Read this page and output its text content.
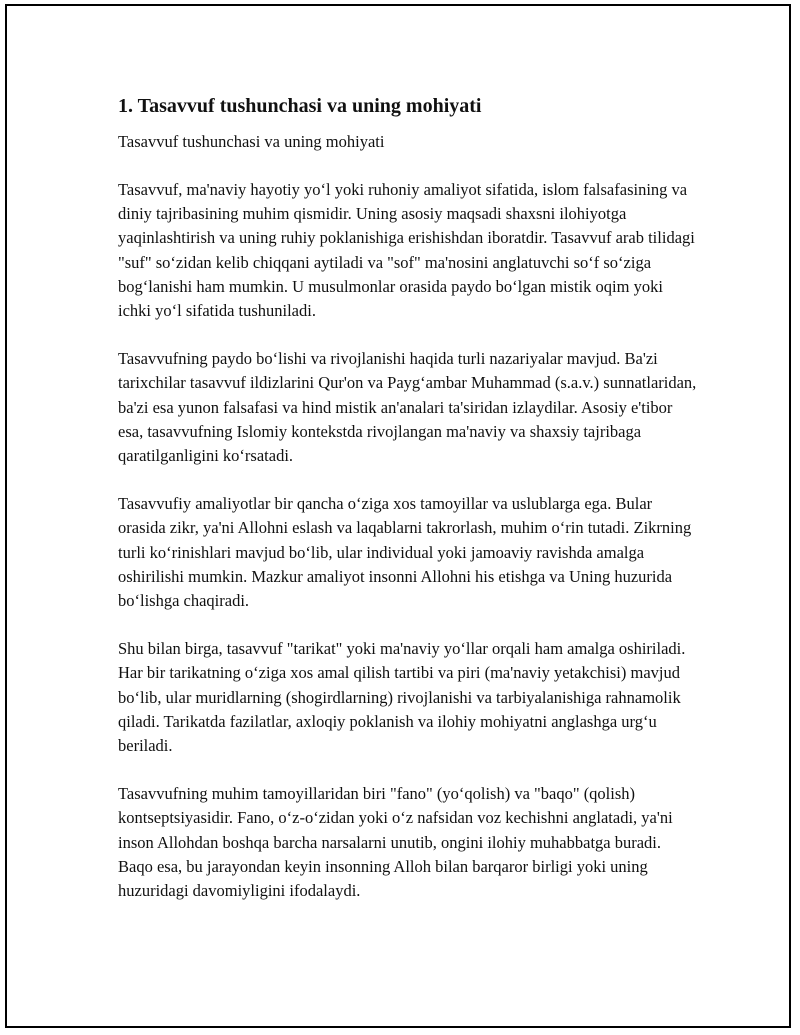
1. Tasavvuf tushunchasi va uning mohiyati

Tasavvuf tushunchasi va uning mohiyati

Tasavvuf, ma'naviy hayotiy yo‘l yoki ruhoniy amaliyot sifatida, islom falsafasining va diniy tajribasining muhim qismidir. Uning asosiy maqsadi shaxsni ilohiyotga yaqinlashtirish va uning ruhiy poklanishiga erishishdan iboratdir. Tasavvuf arab tilidagi "suf" so‘zidan kelib chiqqani aytiladi va "sof" ma'nosini anglatuvchi so‘f so‘ziga bog‘lanishi ham mumkin. U musulmonlar orasida paydo bo‘lgan mistik oqim yoki ichki yo‘l sifatida tushuniladi.

Tasavvufning paydo bo‘lishi va rivojlanishi haqida turli nazariyalar mavjud. Ba'zi tarixchilar tasavvuf ildizlarini Qur'on va Payg‘ambar Muhammad (s.a.v.) sunnatlaridan, ba'zi esa yunon falsafasi va hind mistik an'analari ta'siridan izlaydilar. Asosiy e'tibor esa, tasavvufning Islomiy kontekstda rivojlangan ma'naviy va shaxsiy tajribaga qaratilganligini ko‘rsatadi.

Tasavvufiy amaliyotlar bir qancha o‘ziga xos tamoyillar va uslublarga ega. Bular orasida zikr, ya'ni Allohni eslash va laqablarni takrorlash, muhim o‘rin tutadi. Zikrning turli ko‘rinishlari mavjud bo‘lib, ular individual yoki jamoaviy ravishda amalga oshirilishi mumkin. Mazkur amaliyot insonni Allohni his etishga va Uning huzurida bo‘lishga chaqiradi.

Shu bilan birga, tasavvuf "tarikat" yoki ma'naviy yo‘llar orqali ham amalga oshiriladi. Har bir tarikatning o‘ziga xos amal qilish tartibi va piri (ma'naviy yetakchisi) mavjud bo‘lib, ular muridlarning (shogirdlarning) rivojlanishi va tarbiyalanishiga rahnamolik qiladi. Tarikatda fazilatlar, axloqiy poklanish va ilohiy mohiyatni anglashga urg‘u beriladi.

Tasavvufning muhim tamoyillaridan biri "fano" (yo‘qolish) va "baqo" (qolish) kontseptsiyasidir. Fano, o‘z-o‘zidan yoki o‘z nafsidan voz kechishni anglatadi, ya'ni inson Allohdan boshqa barcha narsalarni unutib, ongini ilohiy muhabbatga buradi. Baqo esa, bu jarayondan keyin insonning Alloh bilan barqaror birligi yoki uning huzuridagi davomiyligini ifodalaydi.
